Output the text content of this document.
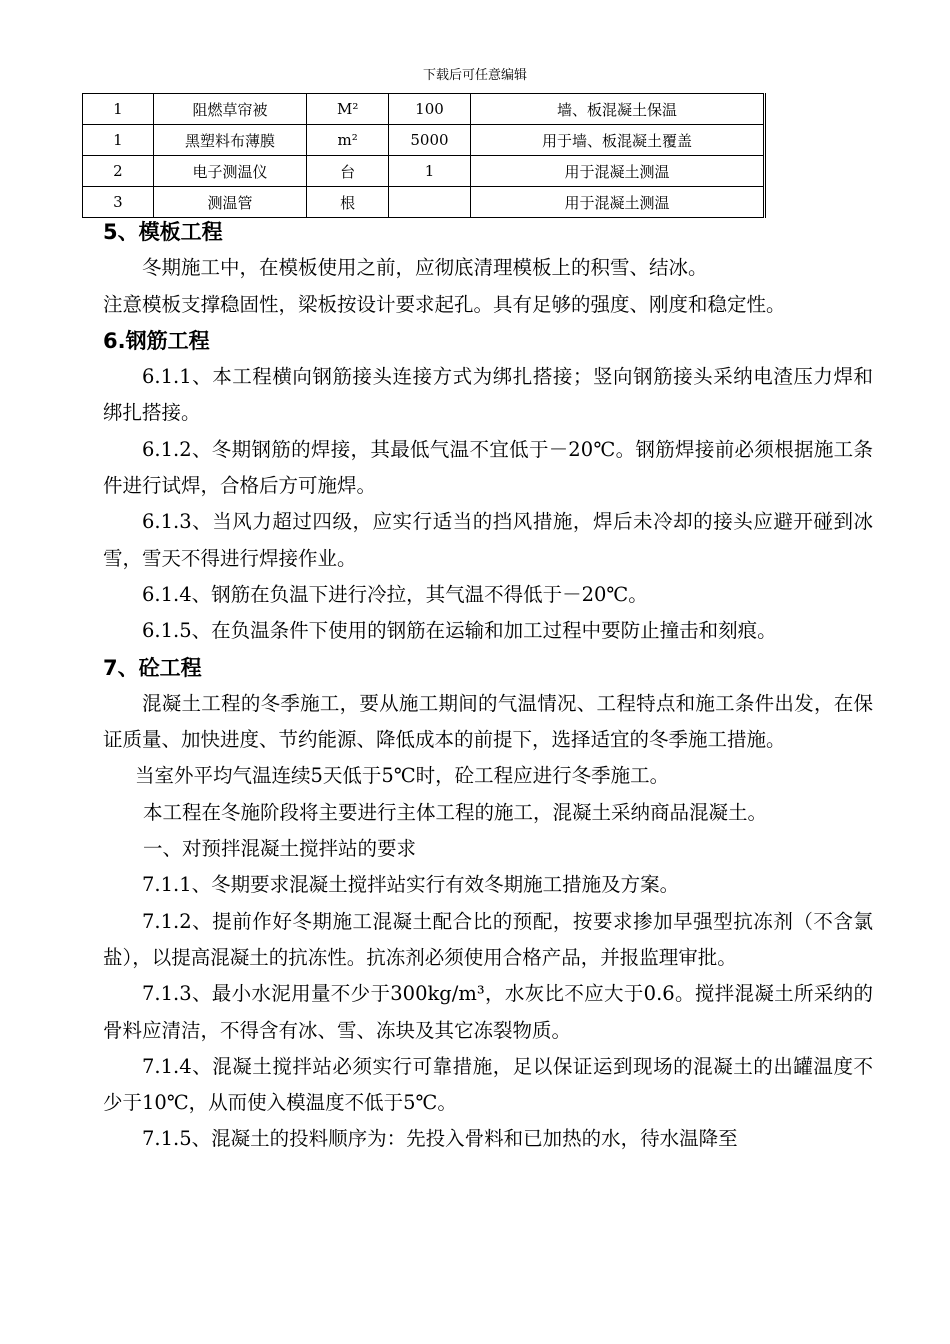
下载后可任意编辑
1	阻燃草帘被	M²	100	墙、板混凝土保温
1	黑塑料布薄膜	m²	5000	用于墙、板混凝土覆盖
2	电子测温仪	台	1	用于混凝土测温
3	测温管	根		用于混凝土测温
5、模板工程

冬期施工中，在模板使用之前，应彻底清理模板上的积雪、结冰。

注意模板支撑稳固性，梁板按设计要求起孔。具有足够的强度、刚度和稳定性。

6.钢筋工程

6.1.1、本工程横向钢筋接头连接方式为绑扎搭接；竖向钢筋接头采纳电渣压力焊和绑扎搭接。

6.1.2、冬期钢筋的焊接，其最低气温不宜低于－20℃。钢筋焊接前必须根据施工条件进行试焊，合格后方可施焊。

6.1.3、当风力超过四级，应实行适当的挡风措施，焊后未冷却的接头应避开碰到冰雪，雪天不得进行焊接作业。

6.1.4、钢筋在负温下进行冷拉，其气温不得低于－20℃。

6.1.5、在负温条件下使用的钢筋在运输和加工过程中要防止撞击和刻痕。

7、砼工程

混凝土工程的冬季施工，要从施工期间的气温情况、工程特点和施工条件出发，在保证质量、加快进度、节约能源、降低成本的前提下，选择适宜的冬季施工措施。

当室外平均气温连续5天低于5℃时，砼工程应进行冬季施工。

本工程在冬施阶段将主要进行主体工程的施工，混凝土采纳商品混凝土。

一、对预拌混凝土搅拌站的要求

7.1.1、冬期要求混凝土搅拌站实行有效冬期施工措施及方案。

7.1.2、提前作好冬期施工混凝土配合比的预配，按要求掺加早强型抗冻剂（不含氯盐），以提高混凝土的抗冻性。抗冻剂必须使用合格产品，并报监理审批。

7.1.3、最小水泥用量不少于300kg/m³，水灰比不应大于0.6。搅拌混凝土所采纳的骨料应清洁，不得含有冰、雪、冻块及其它冻裂物质。

7.1.4、混凝土搅拌站必须实行可靠措施，足以保证运到现场的混凝土的出罐温度不少于10℃，从而使入模温度不低于5℃。

7.1.5、混凝土的投料顺序为：先投入骨料和已加热的水，待水温降至
